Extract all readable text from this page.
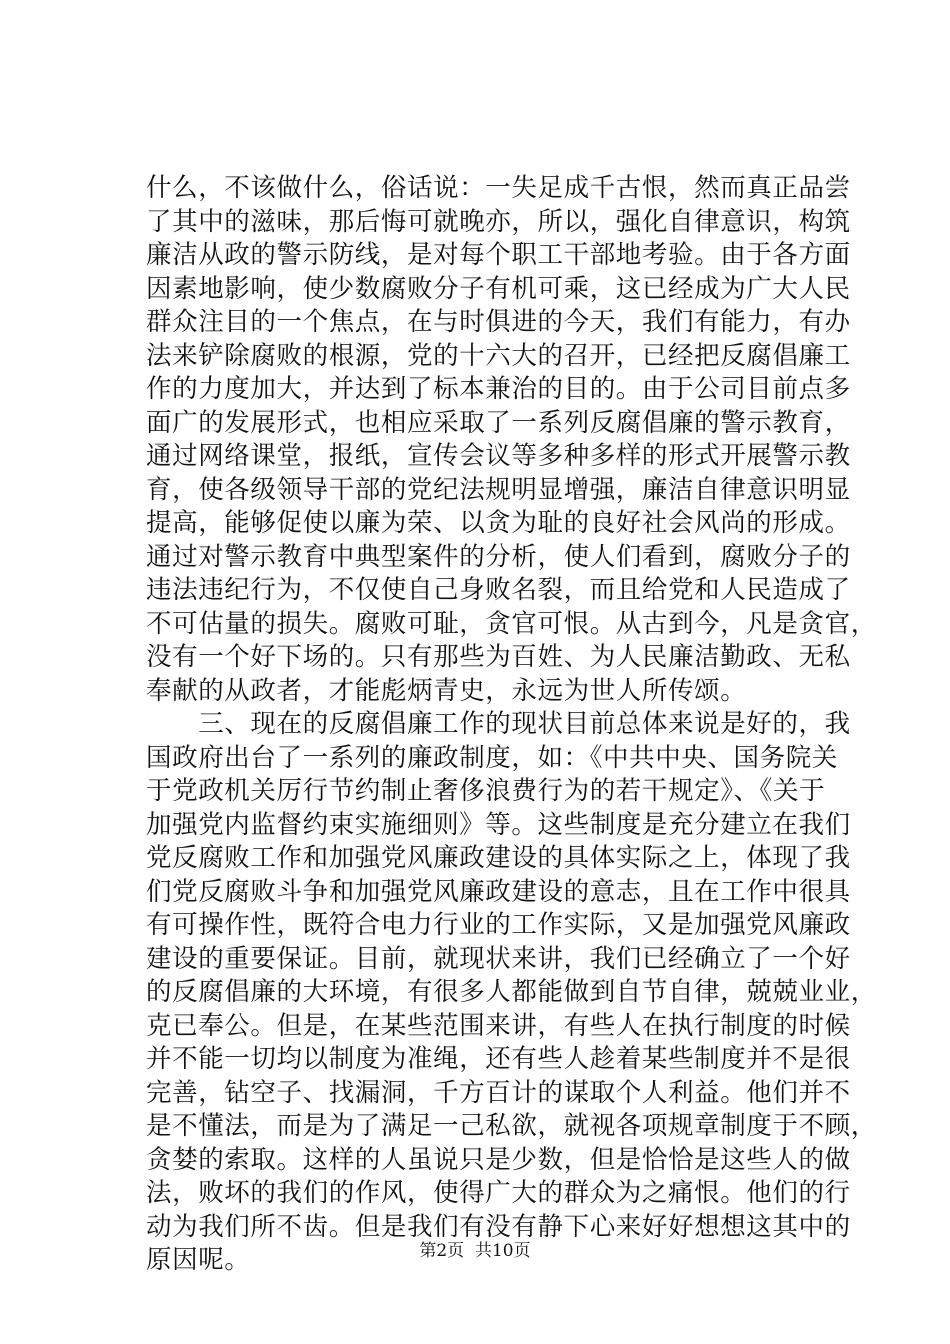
什么，不该做什么，俗话说：一失足成千古恨，然而真正品尝
了其中的滋味，那后悔可就晚亦，所以，强化自律意识，构筑
廉洁从政的警示防线，是对每个职工干部地考验。由于各方面
因素地影响，使少数腐败分子有机可乘，这已经成为广大人民
群众注目的一个焦点，在与时俱进的今天，我们有能力，有办
法来铲除腐败的根源，党的十六大的召开，已经把反腐倡廉工
作的力度加大，并达到了标本兼治的目的。由于公司目前点多
面广的发展形式，也相应采取了一系列反腐倡廉的警示教育，
通过网络课堂，报纸，宣传会议等多种多样的形式开展警示教
育，使各级领导干部的党纪法规明显增强，廉洁自律意识明显
提高，能够促使以廉为荣、以贪为耻的良好社会风尚的形成。
通过对警示教育中典型案件的分析，使人们看到，腐败分子的
违法违纪行为，不仅使自己身败名裂，而且给党和人民造成了
不可估量的损失。腐败可耻，贪官可恨。从古到今，凡是贪官，
没有一个好下场的。只有那些为百姓、为人民廉洁勤政、无私
奉献的从政者，才能彪炳青史，永远为世人所传颂。
　　三、现在的反腐倡廉工作的现状目前总体来说是好的，我
国政府出台了一系列的廉政制度，如：《中共中央、国务院关
于党政机关厉行节约制止奢侈浪费行为的若干规定》、《关于
加强党内监督约束实施细则》等。这些制度是充分建立在我们
党反腐败工作和加强党风廉政建设的具体实际之上，体现了我
们党反腐败斗争和加强党风廉政建设的意志，且在工作中很具
有可操作性，既符合电力行业的工作实际，又是加强党风廉政
建设的重要保证。目前，就现状来讲，我们已经确立了一个好
的反腐倡廉的大环境，有很多人都能做到自节自律，兢兢业业，
克已奉公。但是，在某些范围来讲，有些人在执行制度的时候
并不能一切均以制度为准绳，还有些人趁着某些制度并不是很
完善，钻空子、找漏洞，千方百计的谋取个人利益。他们并不
是不懂法，而是为了满足一己私欲，就视各项规章制度于不顾，
贪婪的索取。这样的人虽说只是少数，但是恰恰是这些人的做
法，败坏的我们的作风，使得广大的群众为之痛恨。他们的行
动为我们所不齿。但是我们有没有静下心来好好想想这其中的
原因呢。	第2页  共10页
